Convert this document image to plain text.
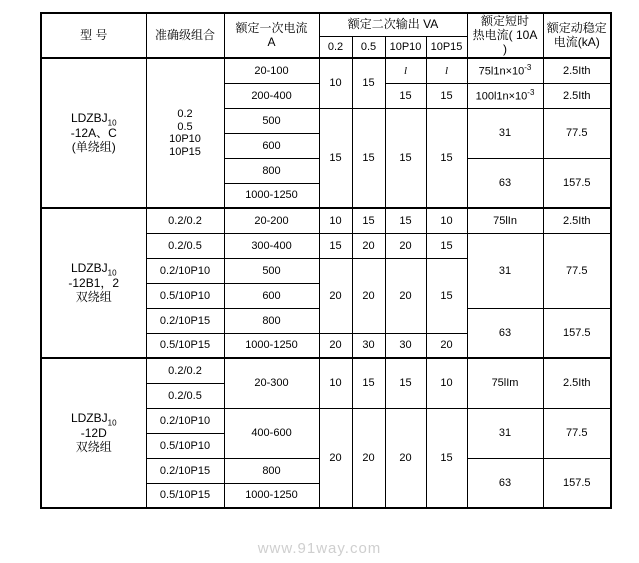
型 号	准确级组合	额定一次电流
A	额定二次输出 VA				额定短时
热电流( 10A )	额定动稳定
电流(kA)
			0.2	0.5	10P10	10P15		
$LDZBJ_{10}$
-12A、C
(单绕组)	0.2
0.5
10P10
10P15	20-100	10	15	l	l	$75l1n\times 10^{-3}$	2.5Ith
		200-400			15	15	$100l1n\times 10^{-3}$	2.5Ith
		500	15	15	15	15	31	77.5
		600						
		800					63	157.5
		1000-1250						
$LDZBJ_{10}$
-12B1，2
双绕组	0.2/0.2	20-200	10	15	15	10	75lIn	2.5Ith
	0.2/0.5	300-400	15	20	20	15	31	77.5
	0.2/10P10	500	20	20	20	15		
	0.5/10P10	600						
	0.2/10P15	800					63	157.5
	0.5/10P15	1000-1250	20	30	30	20		
$LDZBJ_{10}$
-12D
双绕组	0.2/0.2	20-300	10	15	15	10	75lIm	2.5Ith
	0.2/0.5							
	0.2/10P10	400-600	20	20	20	15	31	77.5
	0.5/10P10							
	0.2/10P15	800					63	157.5
	0.5/10P15	1000-1250						
www.91way.com
